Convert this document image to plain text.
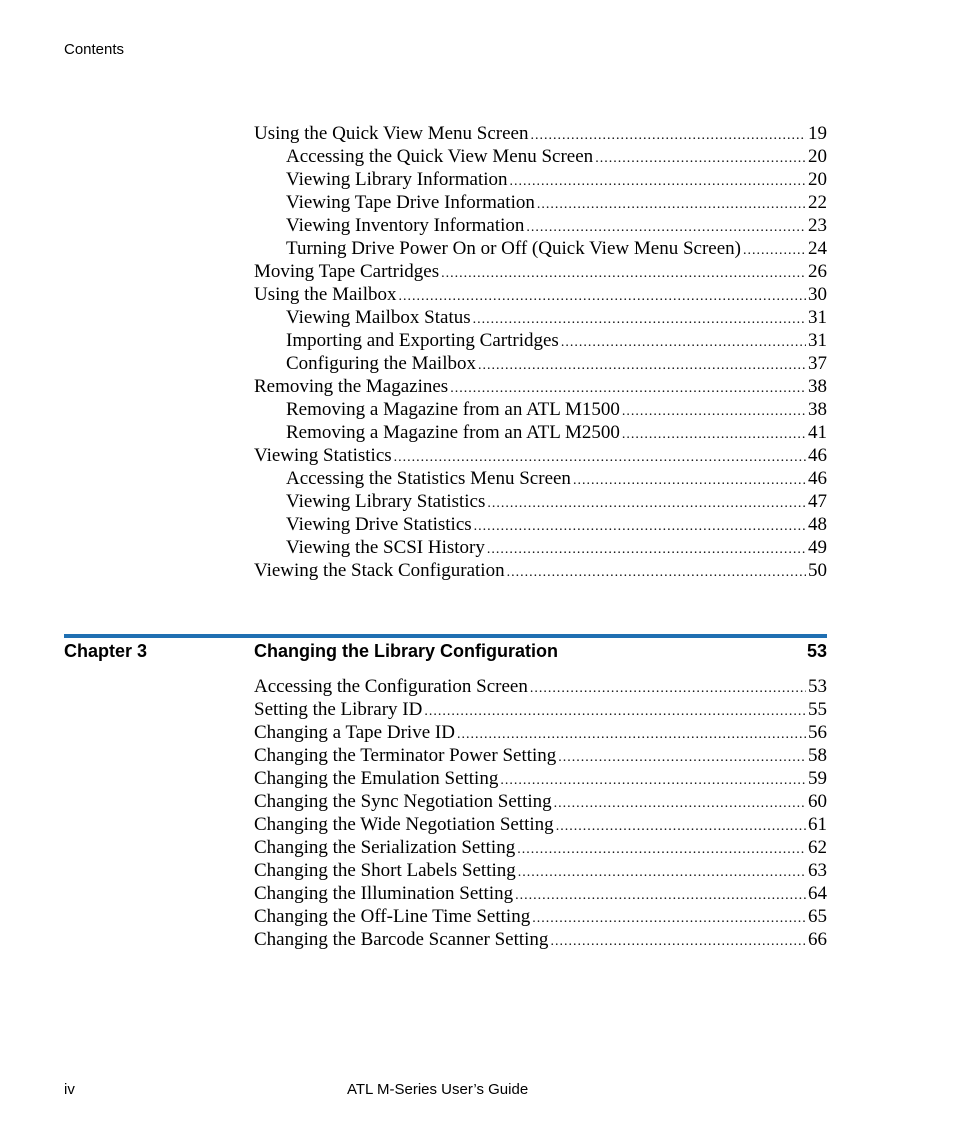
Contents
Using the Quick View Menu Screen .....	19
Accessing the Quick View Menu Screen .....	20
Viewing Library Information .....	20
Viewing Tape Drive Information .....	22
Viewing Inventory Information .....	23
Turning Drive Power On or Off (Quick View Menu Screen) .....	24
Moving Tape Cartridges .....	26
Using the Mailbox .....	30
Viewing Mailbox Status .....	31
Importing and Exporting Cartridges .....	31
Configuring the Mailbox .....	37
Removing the Magazines .....	38
Removing a Magazine from an ATL M1500 .....	38
Removing a Magazine from an ATL M2500 .....	41
Viewing Statistics .....	46
Accessing the Statistics Menu Screen .....	46
Viewing Library Statistics .....	47
Viewing Drive Statistics .....	48
Viewing the SCSI History .....	49
Viewing the Stack Configuration .....	50
Chapter 3	Changing the Library Configuration	53
Accessing the Configuration Screen .....	53
Setting the Library ID .....	55
Changing a Tape Drive ID .....	56
Changing the Terminator Power Setting .....	58
Changing the Emulation Setting .....	59
Changing the Sync Negotiation Setting .....	60
Changing the Wide Negotiation Setting .....	61
Changing the Serialization Setting .....	62
Changing the Short Labels Setting .....	63
Changing the Illumination Setting .....	64
Changing the Off-Line Time Setting .....	65
Changing the Barcode Scanner Setting .....	66
iv	ATL M-Series User’s Guide
